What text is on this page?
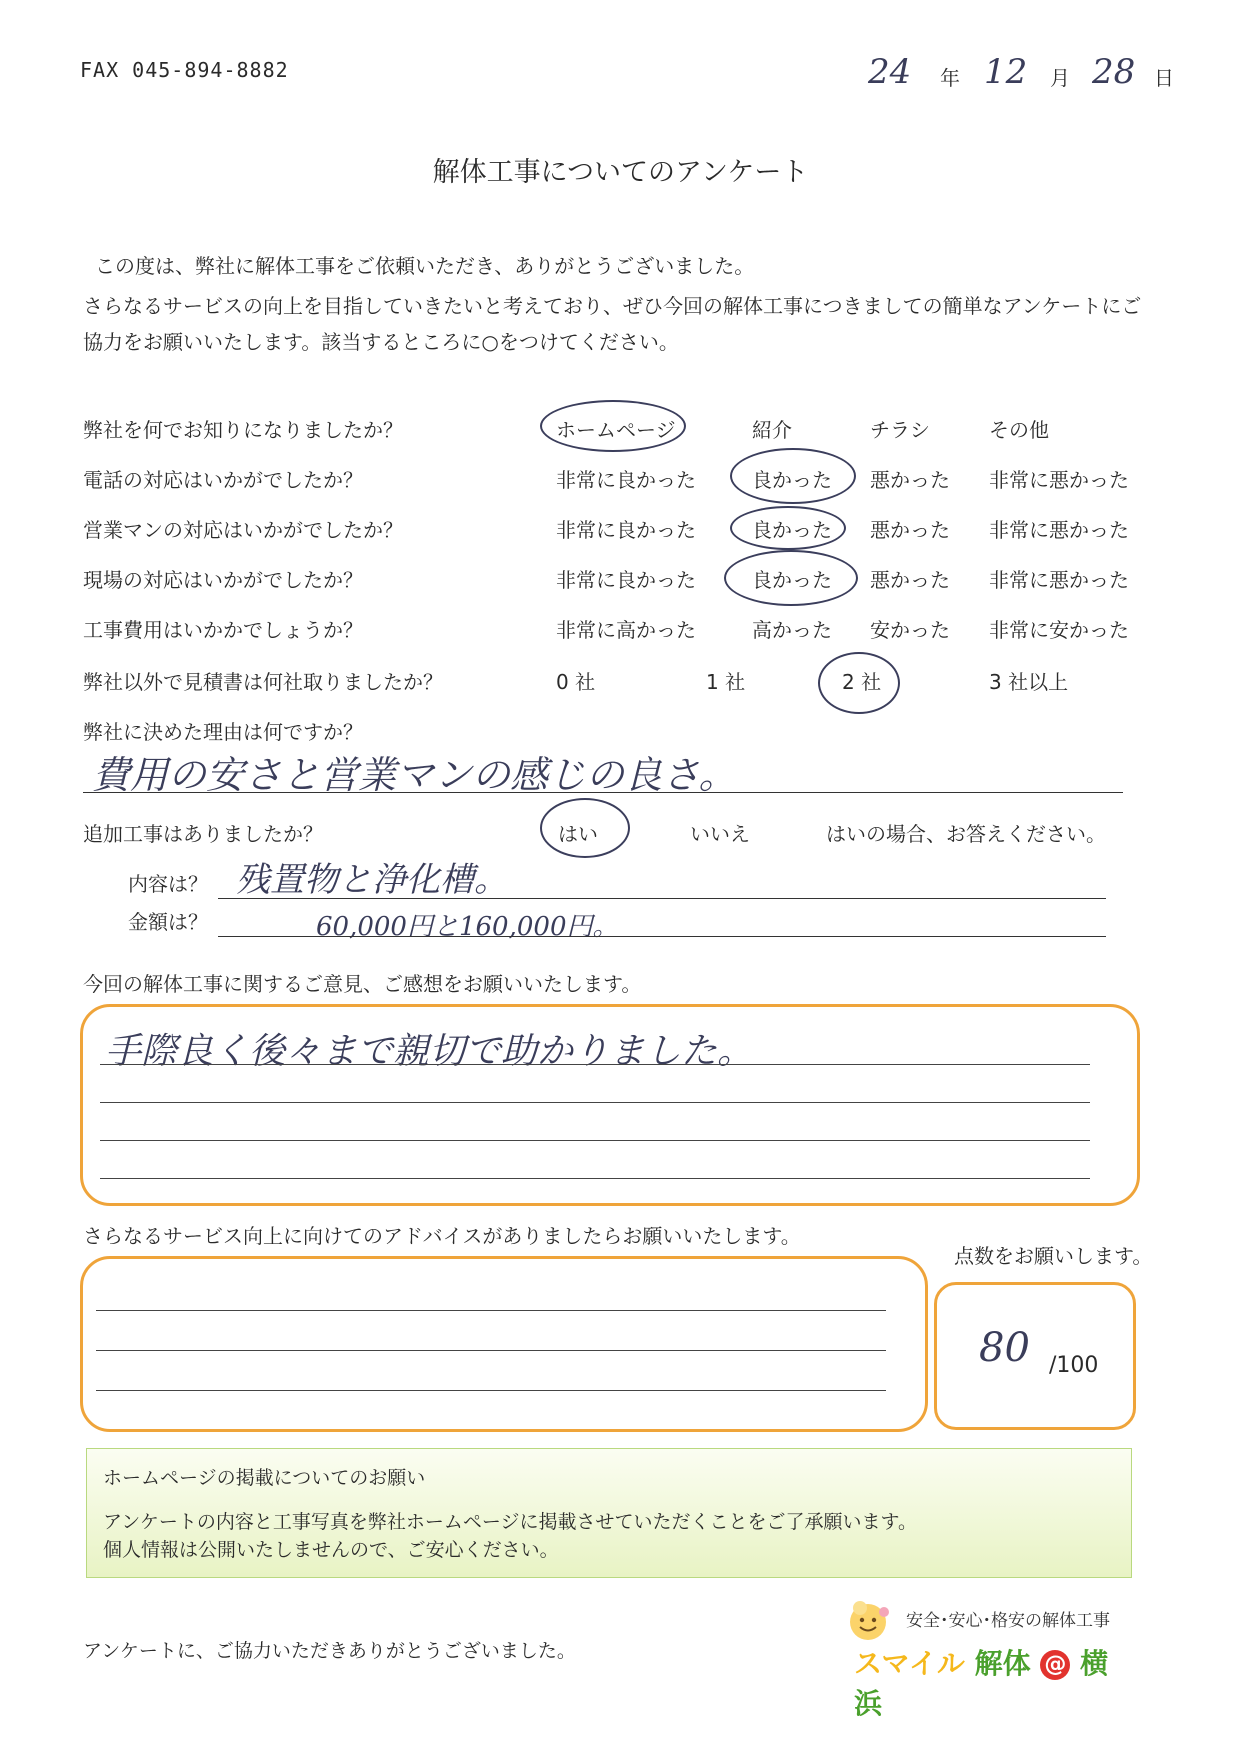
FAX 045-894-8882	24 年 12 月 28 日
解体工事についてのアンケート
この度は、弊社に解体工事をご依頼いただき、ありがとうございました。
さらなるサービスの向上を目指していきたいと考えており、ぜひ今回の解体工事につきましての簡単なアンケートにご
協力をお願いいたします。該当するところに○をつけてください。
弊社を何でお知りになりましたか？	ホームページ	紹介	チラシ	その他
電話の対応はいかがでしたか？	非常に良かった	良かった 悪かった 非常に悪かった
営業マンの対応はいかがでしたか？	非常に良かった	良かった 悪かった 非常に悪かった
現場の対応はいかがでしたか？	非常に良かった	良かった 悪かった 非常に悪かった
工事費用はいかかでしょうか？	非常に高かった	高かった 安かった 非常に安かった
弊社以外で見積書は何社取りましたか？	0 社	1 社	2 社	3 社以上
弊社に決めた理由は何ですか？
費用の安さと営業マンの感じの良さ。
追加工事はありましたか？	はい	いいえ	はいの場合、お答えください。
内容は？ 残置物と浄化槽。
金額は？	60,000円と160,000円。
今回の解体工事に関するご意見、ご感想をお願いいたします。
手際良く後々まで親切で助かりました。
さらなるサービス向上に向けてのアドバイスがありましたらお願いいたします。
点数をお願いします。
80 /100
ホームページの掲載についてのお願い
アンケートの内容と工事写真を弊社ホームページに掲載させていただくことをご了承願います。
個人情報は公開いたしませんので、ご安心ください。
アンケートに、ご協力いただきありがとうございました。
安全･安心･格安の解体工事
スマイル 解体 @ 横浜
